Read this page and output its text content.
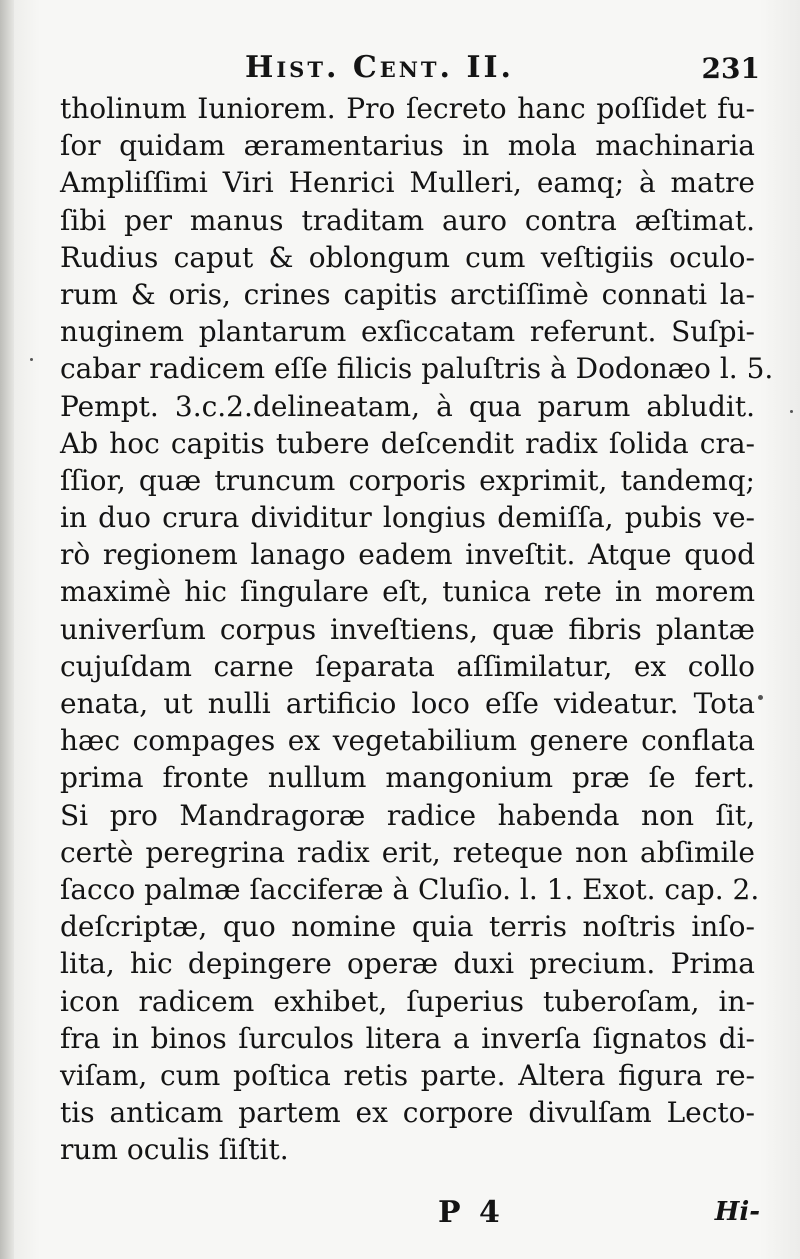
Hist. Cent. II.	231
tholinum Iuniorem. Pro ſecreto hanc poſſidet fu-
ſor quidam æramentarius in mola machinaria
Ampliſſimi Viri Henrici Mulleri, eamq; à matre
ſibi per manus traditam auro contra æſtimat.
Rudius caput & oblongum cum veſtigiis oculo-
rum & oris, crines capitis arctiſſimè connati la-
nuginem plantarum exſiccatam referunt. Suſpi-
cabar radicem eſſe filicis paluſtris à Dodonæo l. 5.
Pempt. 3.c.2.delineatam, à qua parum abludit.
Ab hoc capitis tubere deſcendit radix ſolida cra-
ſſior, quæ truncum corporis exprimit, tandemq;
in duo crura dividitur longius demiſſa, pubis ve-
rò regionem lanago eadem inveſtit. Atque quod
maximè hic ſingulare eſt, tunica rete in morem
univerſum corpus inveſtiens, quæ fibris plantæ
cujuſdam carne ſeparata aſſimilatur, ex collo
enata, ut nulli artificio loco eſſe videatur. Tota
hæc compages ex vegetabilium genere conflata
prima fronte nullum mangonium præ ſe fert.
Si pro Mandragoræ radice habenda non ſit,
certè peregrina radix erit, reteque non abſimile
ſacco palmæ ſacciferæ à Cluſio. l. 1. Exot. cap. 2.
deſcriptæ, quo nomine quia terris noſtris inſo-
lita, hic depingere operæ duxi precium. Prima
icon radicem exhibet, ſuperius tuberoſam, in-
fra in binos ſurculos litera a inverſa ſignatos di-
viſam, cum poſtica retis parte. Altera figura re-
tis anticam partem ex corpore divulſam Lecto-
rum oculis ſiſtit.
P 4	Hi-
